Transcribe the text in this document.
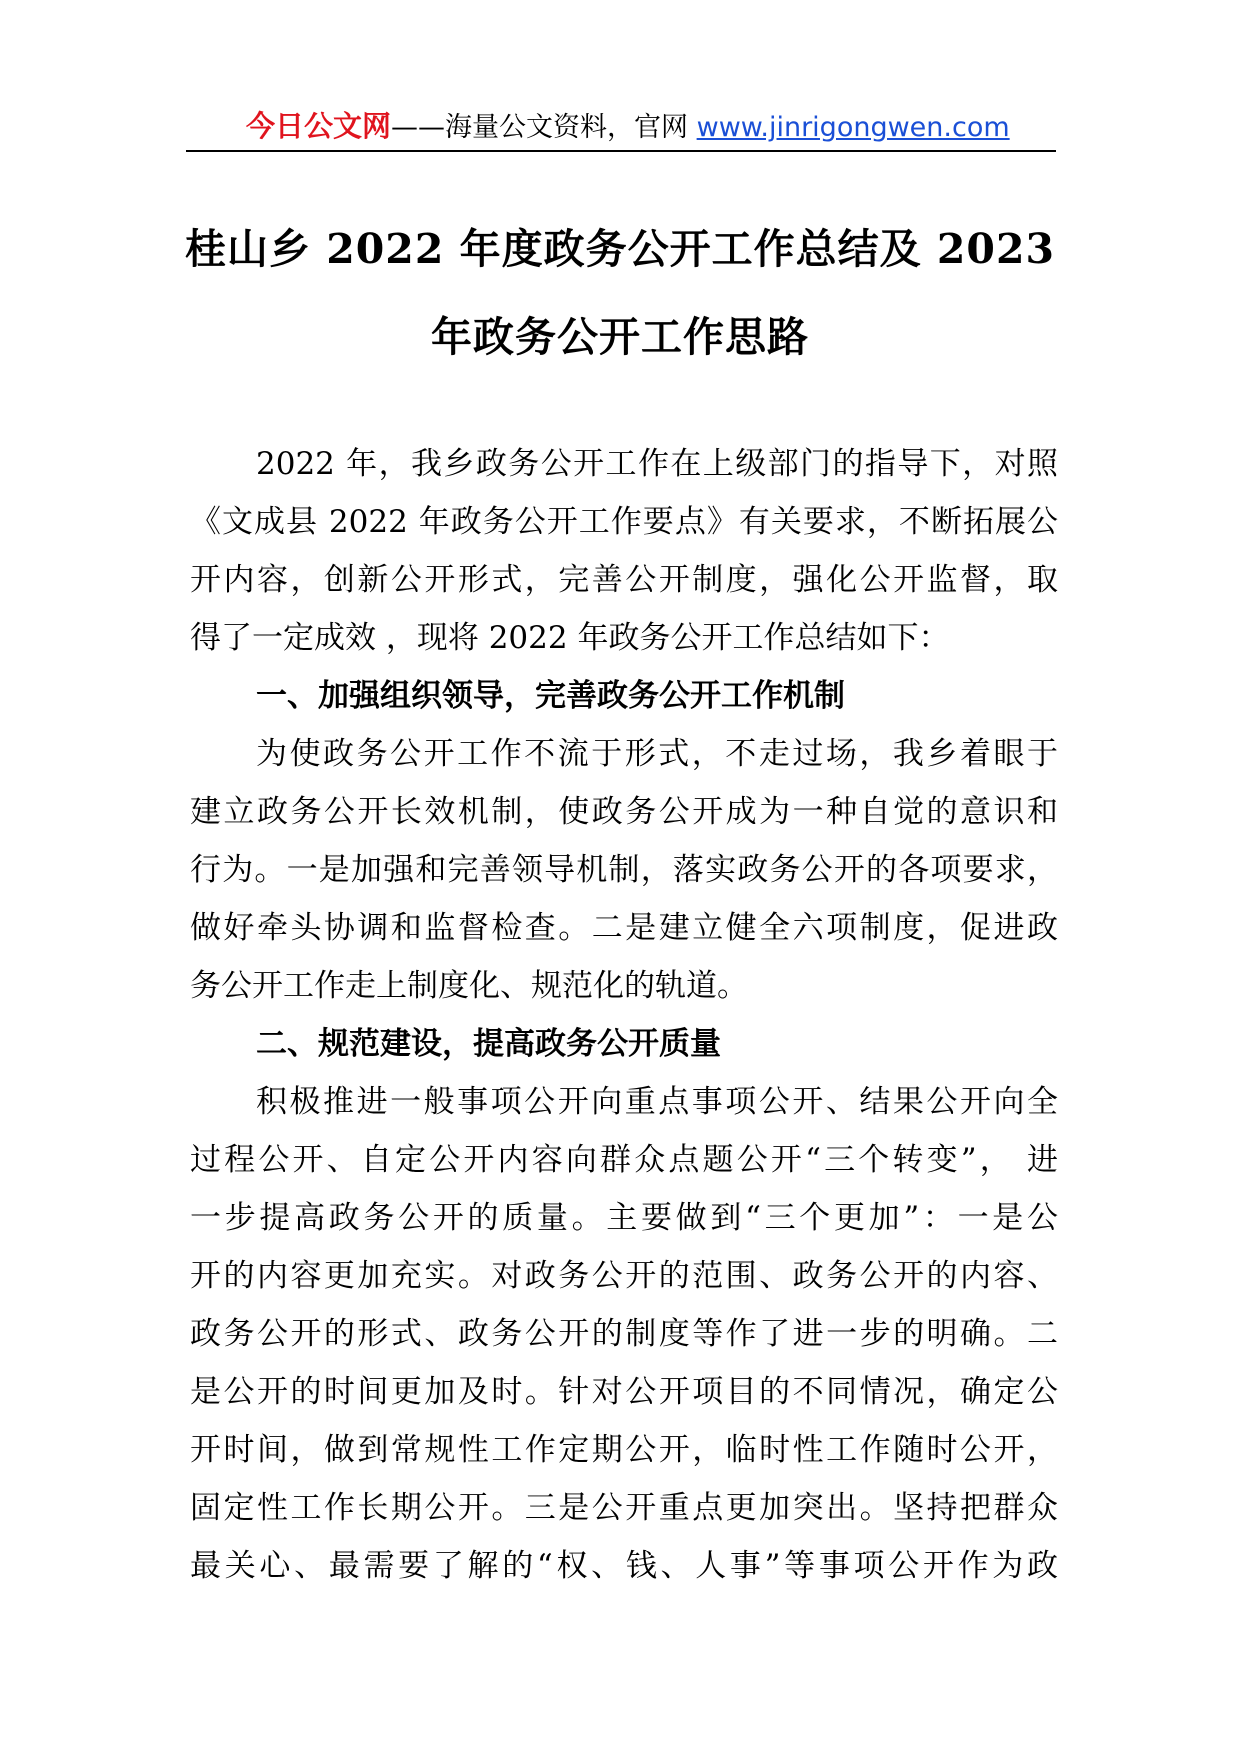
今日公文网——海量公文资料，官网 www.jinrigongwen.com
桂山乡 2022 年度政务公开工作总结及 2023
年政务公开工作思路
2022 年，我乡政务公开工作在上级部门的指导下，对照
《文成县 2022 年政务公开工作要点》有关要求，不断拓展公
开内容，创新公开形式，完善公开制度，强化公开监督，取
得了一定成效 ，现将 2022 年政务公开工作总结如下：
一、加强组织领导，完善政务公开工作机制
为使政务公开工作不流于形式，不走过场，我乡着眼于
建立政务公开长效机制，使政务公开成为一种自觉的意识和
行为。一是加强和完善领导机制，落实政务公开的各项要求，
做好牵头协调和监督检查。二是建立健全六项制度，促进政
务公开工作走上制度化、规范化的轨道。
二、规范建设，提高政务公开质量
积极推进一般事项公开向重点事项公开、结果公开向全
过程公开、自定公开内容向群众点题公开“三个转变”， 进
一步提高政务公开的质量。主要做到“三个更加”：一是公
开的内容更加充实。对政务公开的范围、政务公开的内容、
政务公开的形式、政务公开的制度等作了进一步的明确。二
是公开的时间更加及时。针对公开项目的不同情况，确定公
开时间，做到常规性工作定期公开，临时性工作随时公开，
固定性工作长期公开。三是公开重点更加突出。坚持把群众
最关心、最需要了解的“权、钱、人事”等事项公开作为政
